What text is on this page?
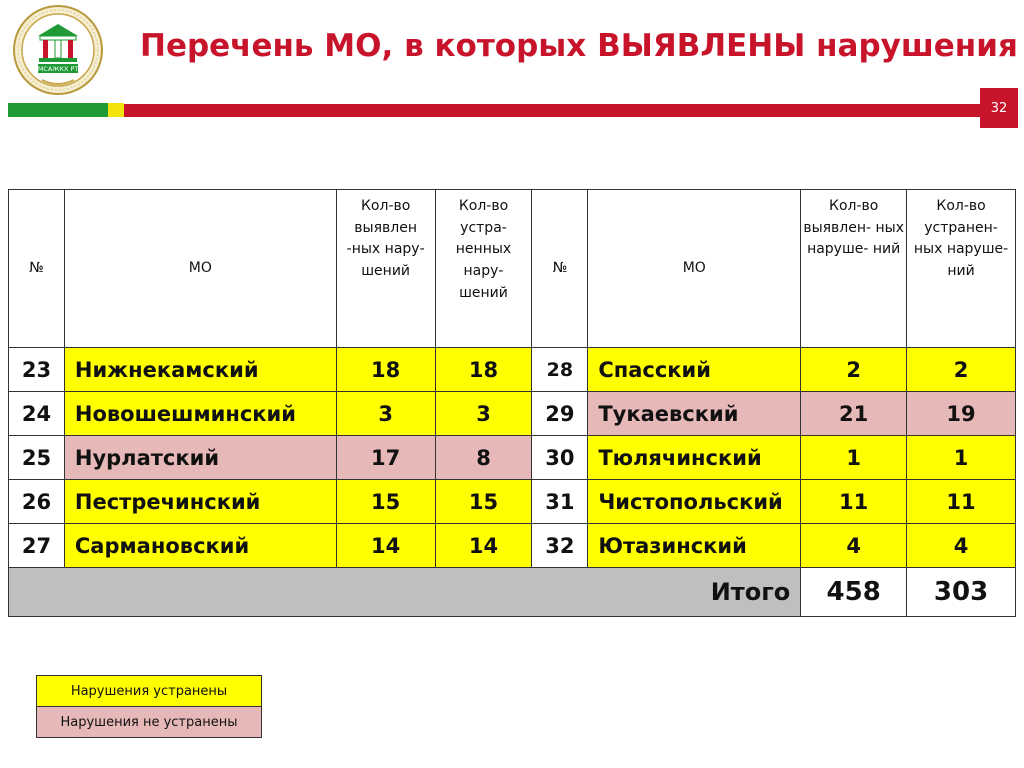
МСАЖКХ РТ
Перечень МО, в которых ВЫЯВЛЕНЫ нарушения
32
№	МО	Кол-во выявлен -ных нару- шений	Кол-во устра- ненных нару- шений	№	МО	Кол-во выявлен- ных наруше- ний	Кол-во устранен- ных наруше- ний
23	Нижнекамский	18	18	28	Спасский	2	2
24	Новошешминский	3	3	29	Тукаевский	21	19
25	Нурлатский	17	8	30	Тюлячинский	1	1
26	Пестречинский	15	15	31	Чистопольский	11	11
27	Сармановский	14	14	32	Ютазинский	4	4
Итого						458	303
Нарушения устранены
Нарушения не устранены
